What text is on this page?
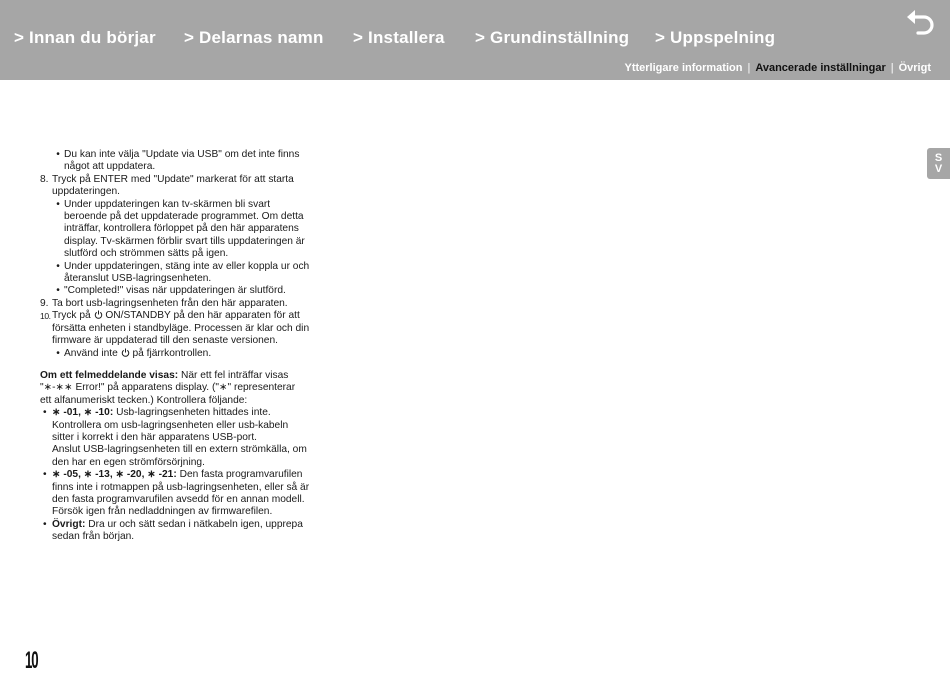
> Innan du börjar > Delarnas namn > Installera > Grundinställning > Uppspelning
Ytterligare information | Avancerade inställningar | Övrigt
S
V
• Du kan inte välja "Update via USB" om det inte finns
något att uppdatera.
8. Tryck på ENTER med "Update" markerat för att starta
uppdateringen.
• Under uppdateringen kan tv-skärmen bli svart
beroende på det uppdaterade programmet. Om detta
inträffar, kontrollera förloppet på den här apparatens
display. Tv-skärmen förblir svart tills uppdateringen är
slutförd och strömmen sätts på igen.
• Under uppdateringen, stäng inte av eller koppla ur och
återanslut USB-lagringsenheten.
• "Completed!" visas när uppdateringen är slutförd.
9. Ta bort usb-lagringsenheten från den här apparaten.
10. Tryck på  ON/STANDBY på den här apparaten för att
försätta enheten i standbyläge. Processen är klar och din
firmware är uppdaterad till den senaste versionen.
• Använd inte  på fjärrkontrollen.
Om ett felmeddelande visas: När ett fel inträffar visas
"∗-∗∗ Error!" på apparatens display. ("∗" representerar
ett alfanumeriskt tecken.) Kontrollera följande:
• ∗ -01, ∗ -10: Usb-lagringsenheten hittades inte.
Kontrollera om usb-lagringsenheten eller usb-kabeln
sitter i korrekt i den här apparatens USB-port.
Anslut USB-lagringsenheten till en extern strömkälla, om
den har en egen strömförsörjning.
• ∗ -05, ∗ -13, ∗ -20, ∗ -21: Den fasta programvarufilen
finns inte i rotmappen på usb-lagringsenheten, eller så är
den fasta programvarufilen avsedd för en annan modell.
Försök igen från nedladdningen av firmwarefilen.
• Övrigt: Dra ur och sätt sedan i nätkabeln igen, upprepa
sedan från början.
10
